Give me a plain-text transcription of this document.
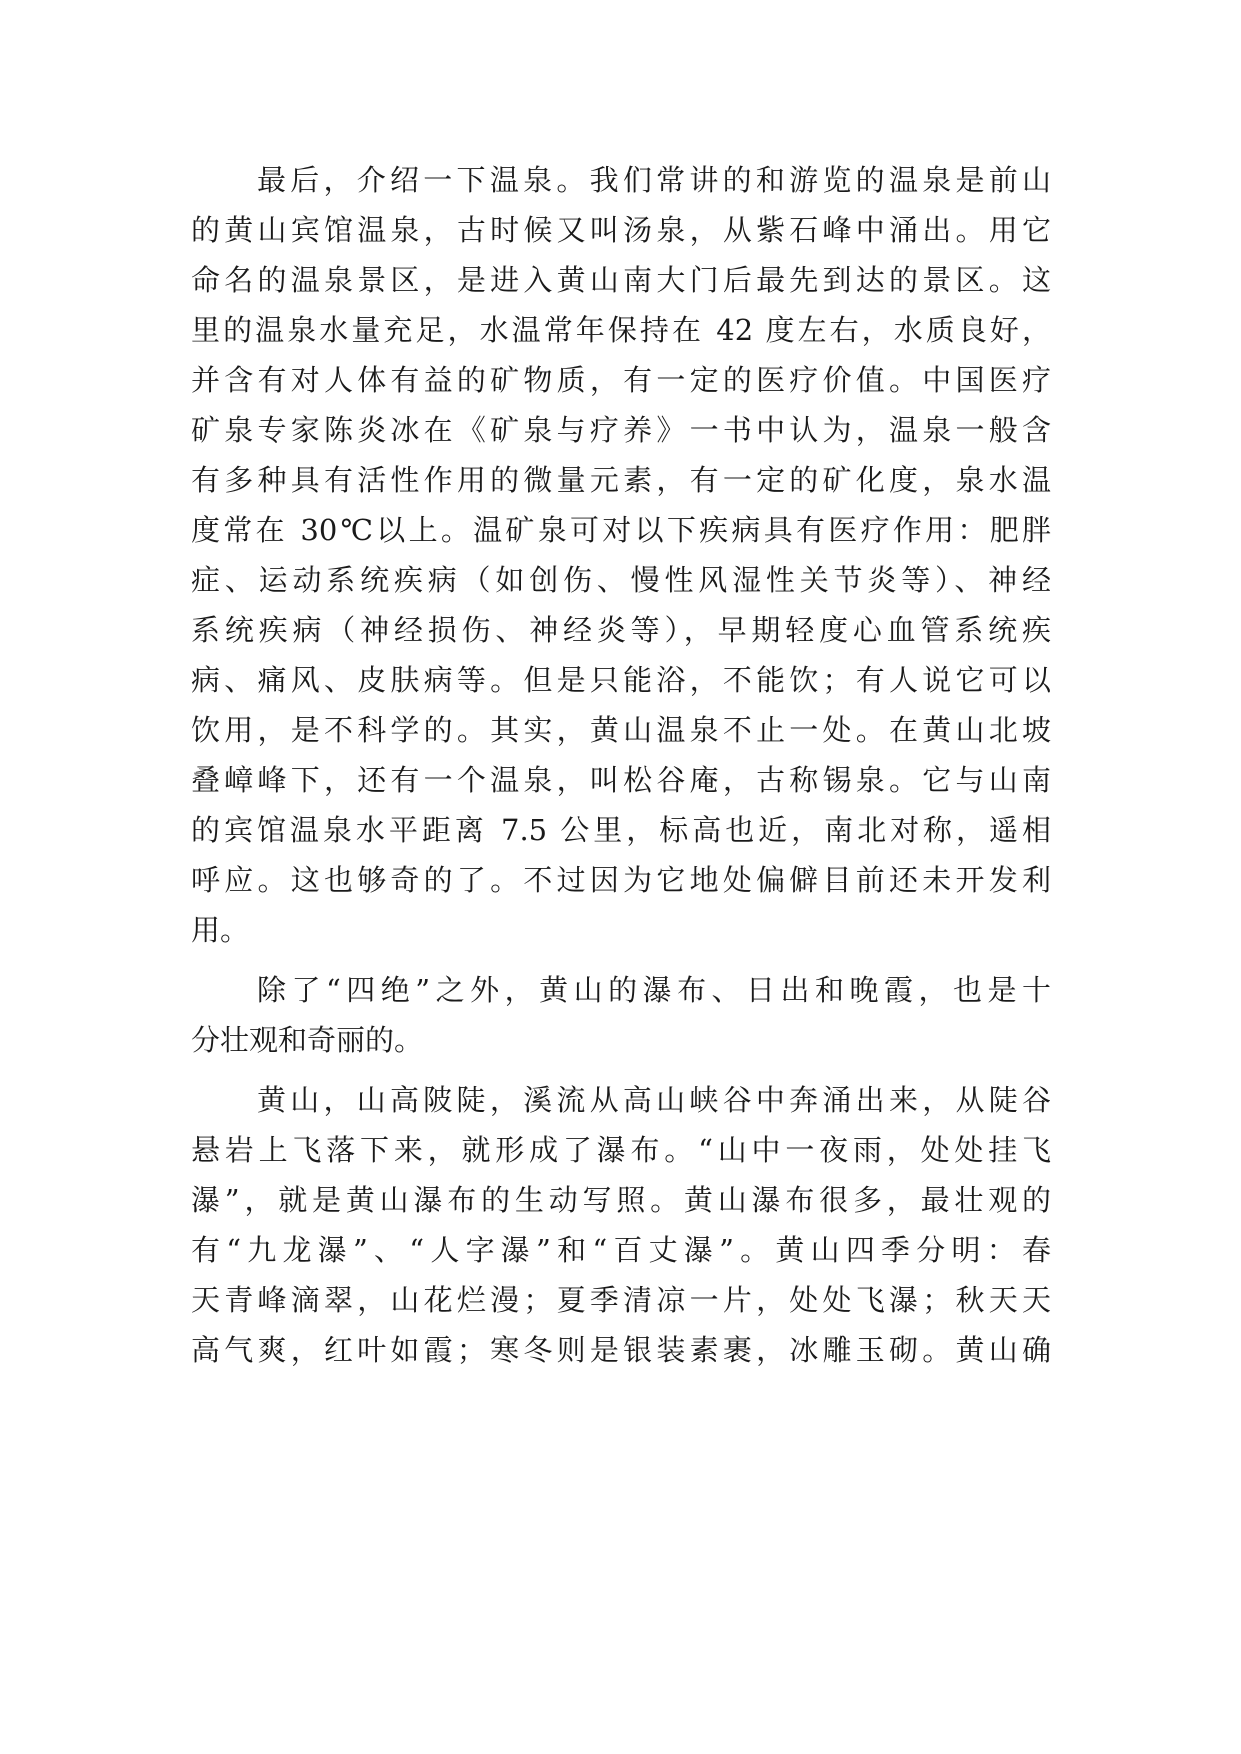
最后，介绍一下温泉。我们常讲的和游览的温泉是前山
的黄山宾馆温泉，古时候又叫汤泉，从紫石峰中涌出。用它
命名的温泉景区，是进入黄山南大门后最先到达的景区。这
里的温泉水量充足，水温常年保持在 42 度左右，水质良好，
并含有对人体有益的矿物质，有一定的医疗价值。中国医疗
矿泉专家陈炎冰在《矿泉与疗养》一书中认为，温泉一般含
有多种具有活性作用的微量元素，有一定的矿化度，泉水温
度常在 30℃以上。温矿泉可对以下疾病具有医疗作用：肥胖
症、运动系统疾病（如创伤、慢性风湿性关节炎等）、神经
系统疾病（神经损伤、神经炎等），早期轻度心血管系统疾
病、痛风、皮肤病等。但是只能浴，不能饮；有人说它可以
饮用，是不科学的。其实，黄山温泉不止一处。在黄山北坡
叠嶂峰下，还有一个温泉，叫松谷庵，古称锡泉。它与山南
的宾馆温泉水平距离 7.5 公里，标高也近，南北对称，遥相
呼应。这也够奇的了。不过因为它地处偏僻目前还未开发利
用。
除了“四绝”之外，黄山的瀑布、日出和晚霞，也是十
分壮观和奇丽的。
黄山，山高陂陡，溪流从高山峡谷中奔涌出来，从陡谷
悬岩上飞落下来，就形成了瀑布。“山中一夜雨，处处挂飞
瀑”，就是黄山瀑布的生动写照。黄山瀑布很多，最壮观的
有“九龙瀑”、“人字瀑”和“百丈瀑”。黄山四季分明：春
天青峰滴翠，山花烂漫；夏季清凉一片，处处飞瀑；秋天天
高气爽，红叶如霞；寒冬则是银装素裹，冰雕玉砌。黄山确
